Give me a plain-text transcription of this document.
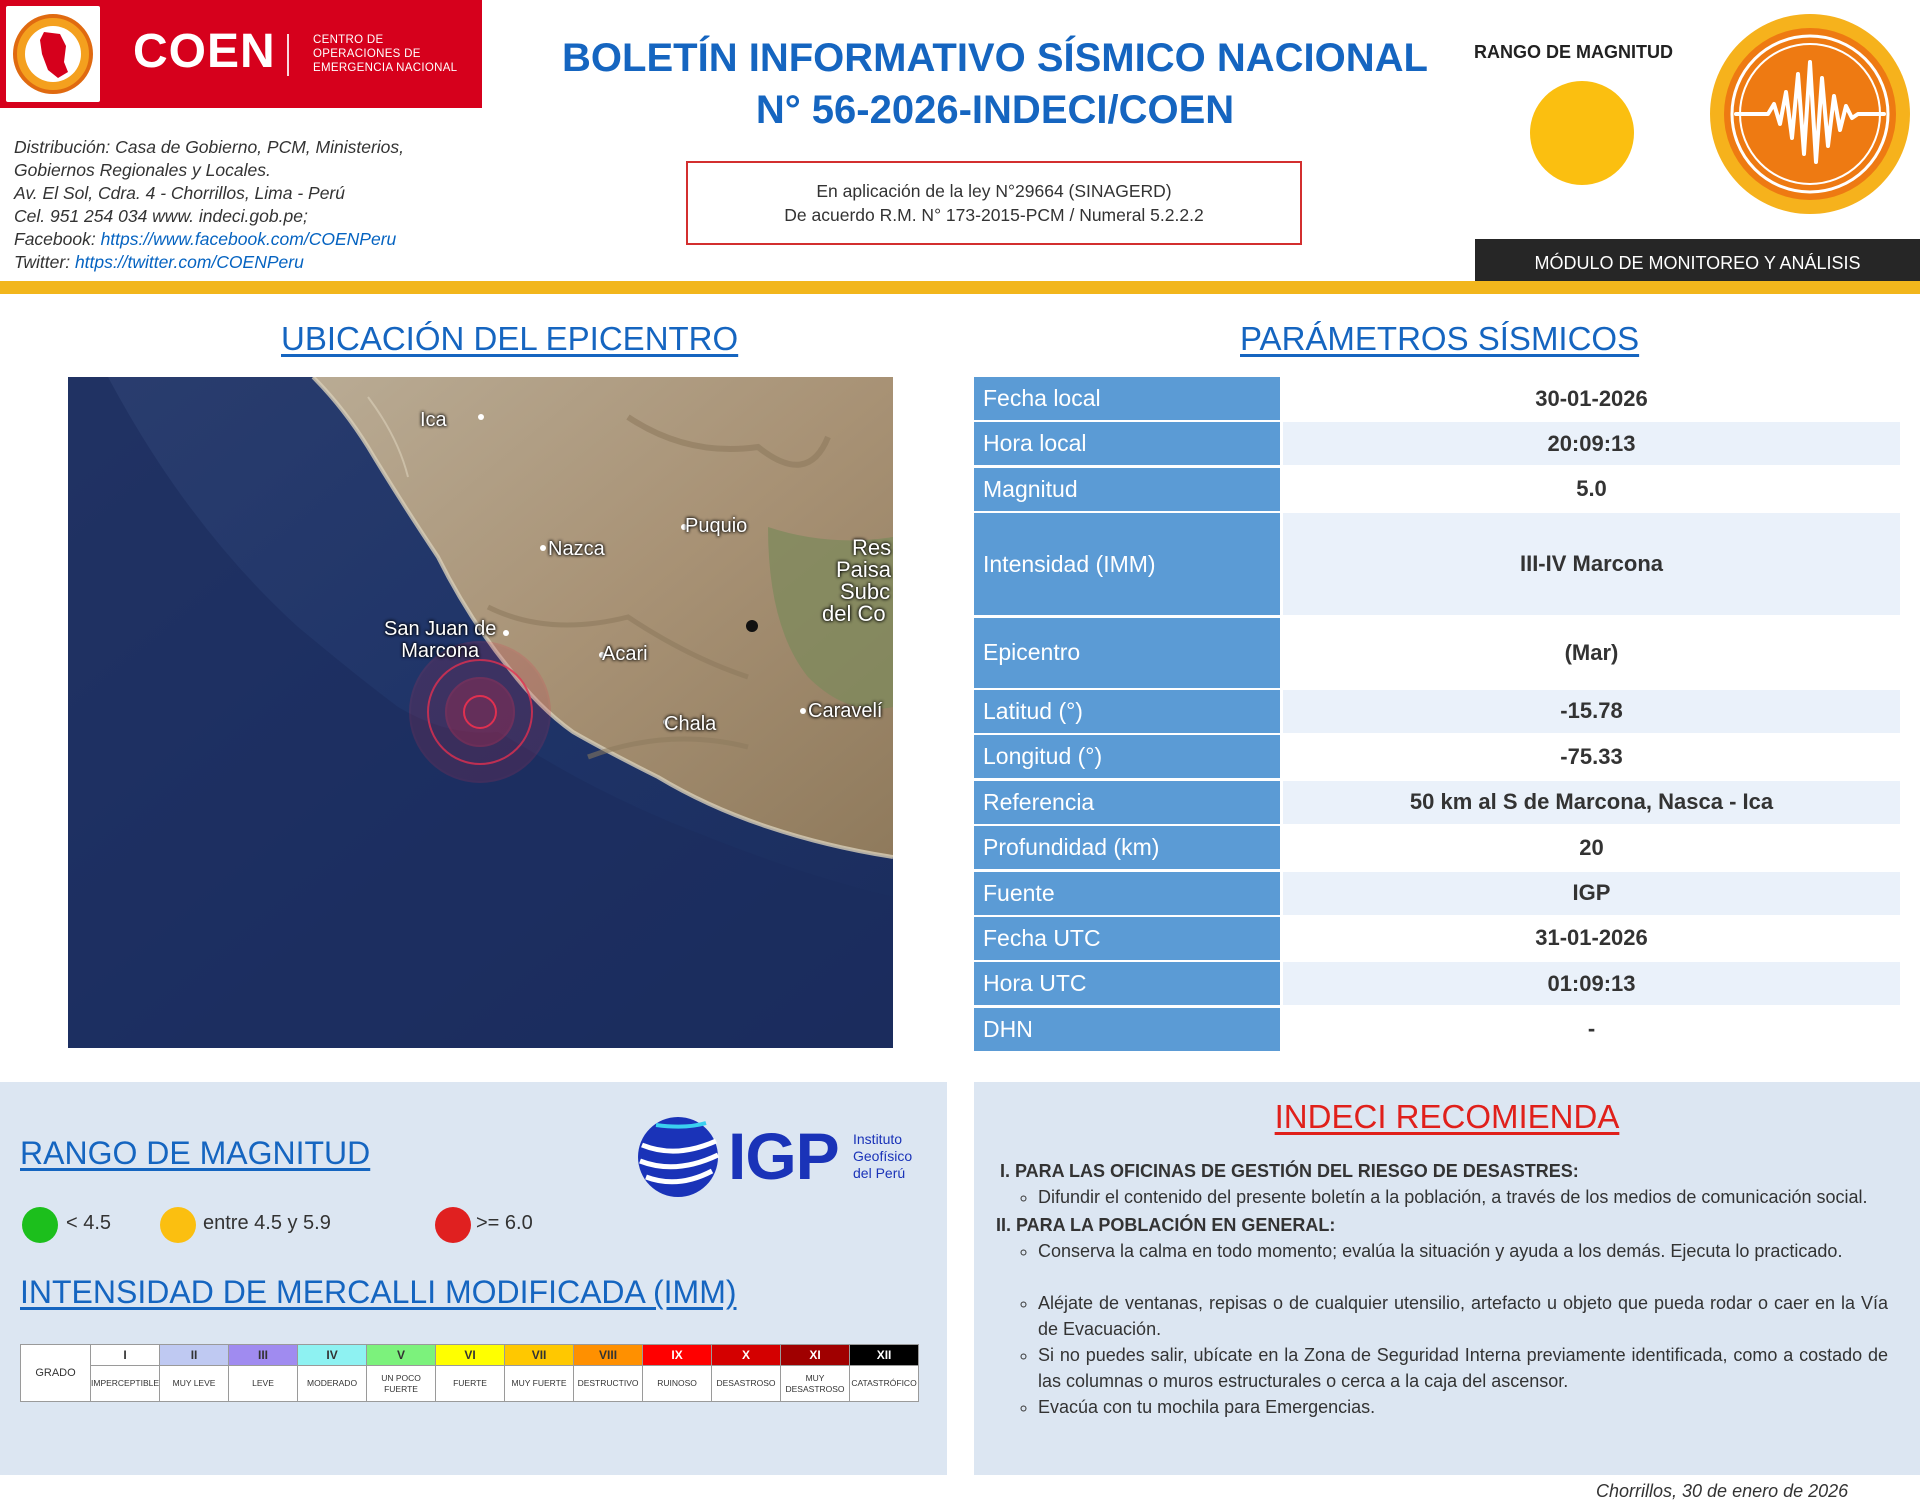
COEN	CENTRO DE
OPERACIONES DE
EMERGENCIA NACIONAL
Distribución: Casa de Gobierno, PCM, Ministerios,
Gobiernos Regionales y Locales.
Av. El Sol, Cdra. 4 - Chorrillos, Lima - Perú
Cel. 951 254 034 www. indeci.gob.pe;
Facebook: https://www.facebook.com/COENPeru
Twitter: https://twitter.com/COENPeru
BOLETÍN INFORMATIVO SÍSMICO NACIONAL
N° 56-2026-INDECI/COEN
En aplicación de la ley N°29664 (SINAGERD)
De acuerdo R.M. N° 173-2015-PCM / Numeral 5.2.2.2
RANGO DE MAGNITUD
MÓDULO DE MONITOREO Y ANÁLISIS
UBICACIÓN DEL EPICENTRO	PARÁMETROS SÍSMICOS
Ica
Nazca
Puquio
San Juan de
Marcona	Acari
Chala
Caravelí
Res
Paisa
Subc
del Co
Fecha local	30-01-2026
Hora local	20:09:13
Magnitud	5.0
Intensidad (IMM)	III-IV Marcona
Epicentro	(Mar)
Latitud (°)	-15.78
Longitud (°)	-75.33
Referencia	50 km al S de Marcona, Nasca - Ica
Profundidad (km)	20
Fuente	IGP
Fecha UTC	31-01-2026
Hora UTC	01:09:13
DHN	-
RANGO DE MAGNITUD	IGP Instituto
Geofísico
del Perú
< 4.5	entre 4.5 y 5.9	>= 6.0
INTENSIDAD DE MERCALLI MODIFICADA (IMM)
GRADO	I	II	III	IV	V	VI	VII	VIII	IX	X	XI	XII
	IMPERCEPTIBLE	MUY LEVE	LEVE	MODERADO	UN POCO FUERTE	FUERTE	MUY FUERTE	DESTRUCTIVO	RUINOSO	DESASTROSO	MUY DESASTROSO	CATASTRÓFICO
INDECI RECOMIENDA
I. PARA LAS OFICINAS DE GESTIÓN DEL RIESGO DE DESASTRES:
◦ Difundir el contenido del presente boletín a la población, a través de los medios de comunicación social.
II. PARA LA POBLACIÓN EN GENERAL:
◦ Conserva la calma en todo momento; evalúa la situación y ayuda a los demás. Ejecuta lo practicado.
◦ Aléjate de ventanas, repisas o de cualquier utensilio, artefacto u objeto que pueda rodar o caer en la Vía de Evacuación.
◦ Si no puedes salir, ubícate en la Zona de Seguridad Interna previamente identificada, como a costado de las columnas o muros estructurales o cerca a la caja del ascensor.
◦ Evacúa con tu mochila para Emergencias.
Chorrillos, 30 de enero de 2026
